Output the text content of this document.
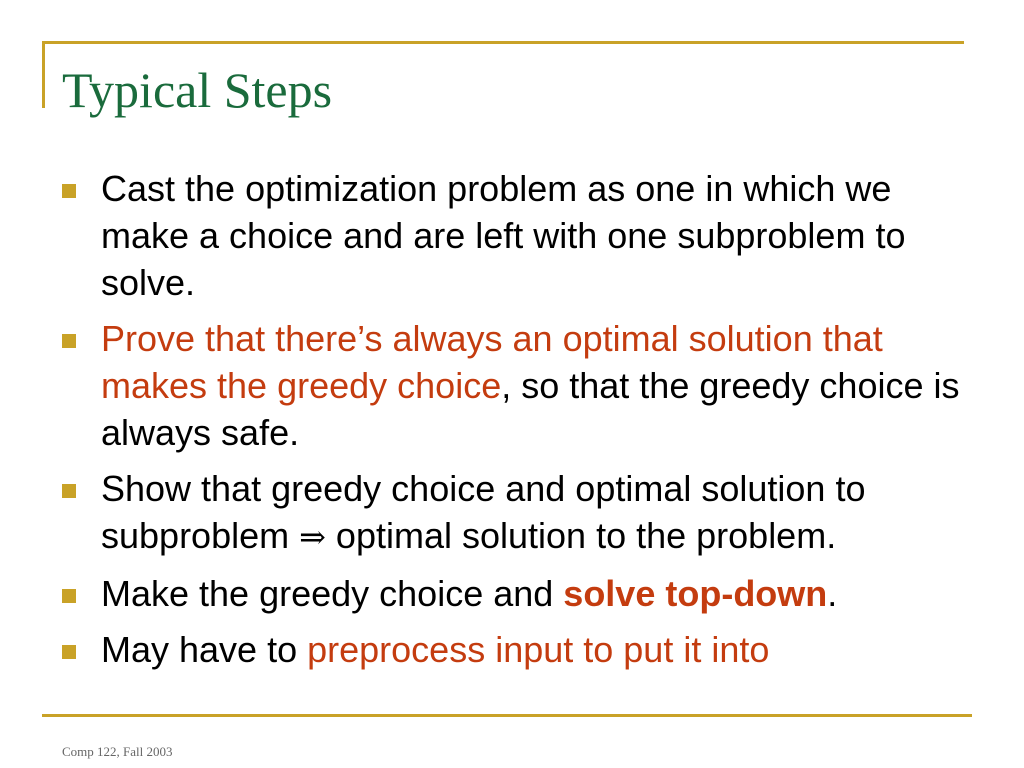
Typical Steps
Cast the optimization problem as one in which we make a choice and are left with one subproblem to solve.
Prove that there’s always an optimal solution that makes the greedy choice, so that the greedy choice is always safe.
Show that greedy choice and optimal solution to subproblem ⇒ optimal solution to the problem.
Make the greedy choice and solve top-down.
May have to preprocess input to put it into
Comp 122, Fall 2003
